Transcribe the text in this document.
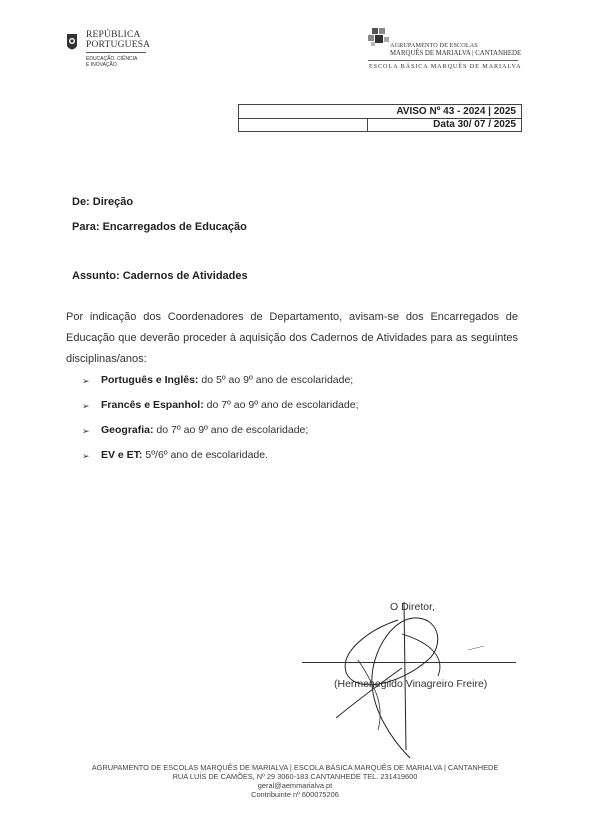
REPÚBLICA
PORTUGUESA
EDUCAÇÃO, CIÊNCIA
E INOVAÇÃO
AGRUPAMENTO DE ESCOLAS
MARQUÊS DE MARIALVA | CANTANHEDE
ESCOLA BÁSICA MARQUÊS DE MARIALVA
AVISO Nº 43 - 2024 | 2025
Data 30/ 07 / 2025
De: Direção
Para: Encarregados de Educação
Assunto: Cadernos de Atividades
Por indicação dos Coordenadores de Departamento, avisam-se dos Encarregados de Educação que deverão proceder à aquisição dos Cadernos de Atividades para as seguintes disciplinas/anos:
➢ Português e Inglês: do 5º ao 9º ano de escolaridade;
➢ Francês e Espanhol: do 7º ao 9º ano de escolaridade;
➢ Geografia: do 7º ao 9º ano de escolaridade;
➢ EV e ET: 5º/6º ano de escolaridade.
O Diretor,
(Hermenegildo Vinagreiro Freire)
AGRUPAMENTO DE ESCOLAS MARQUÊS DE MARIALVA | ESCOLA BÁSICA MARQUÊS DE MARIALVA | CANTANHEDE
RUA LUÍS DE CAMÕES, Nº 29 3060-183 CANTANHEDE TEL. 231419600
geral@aemmarialva.pt
Contribuinte nº 600075206
